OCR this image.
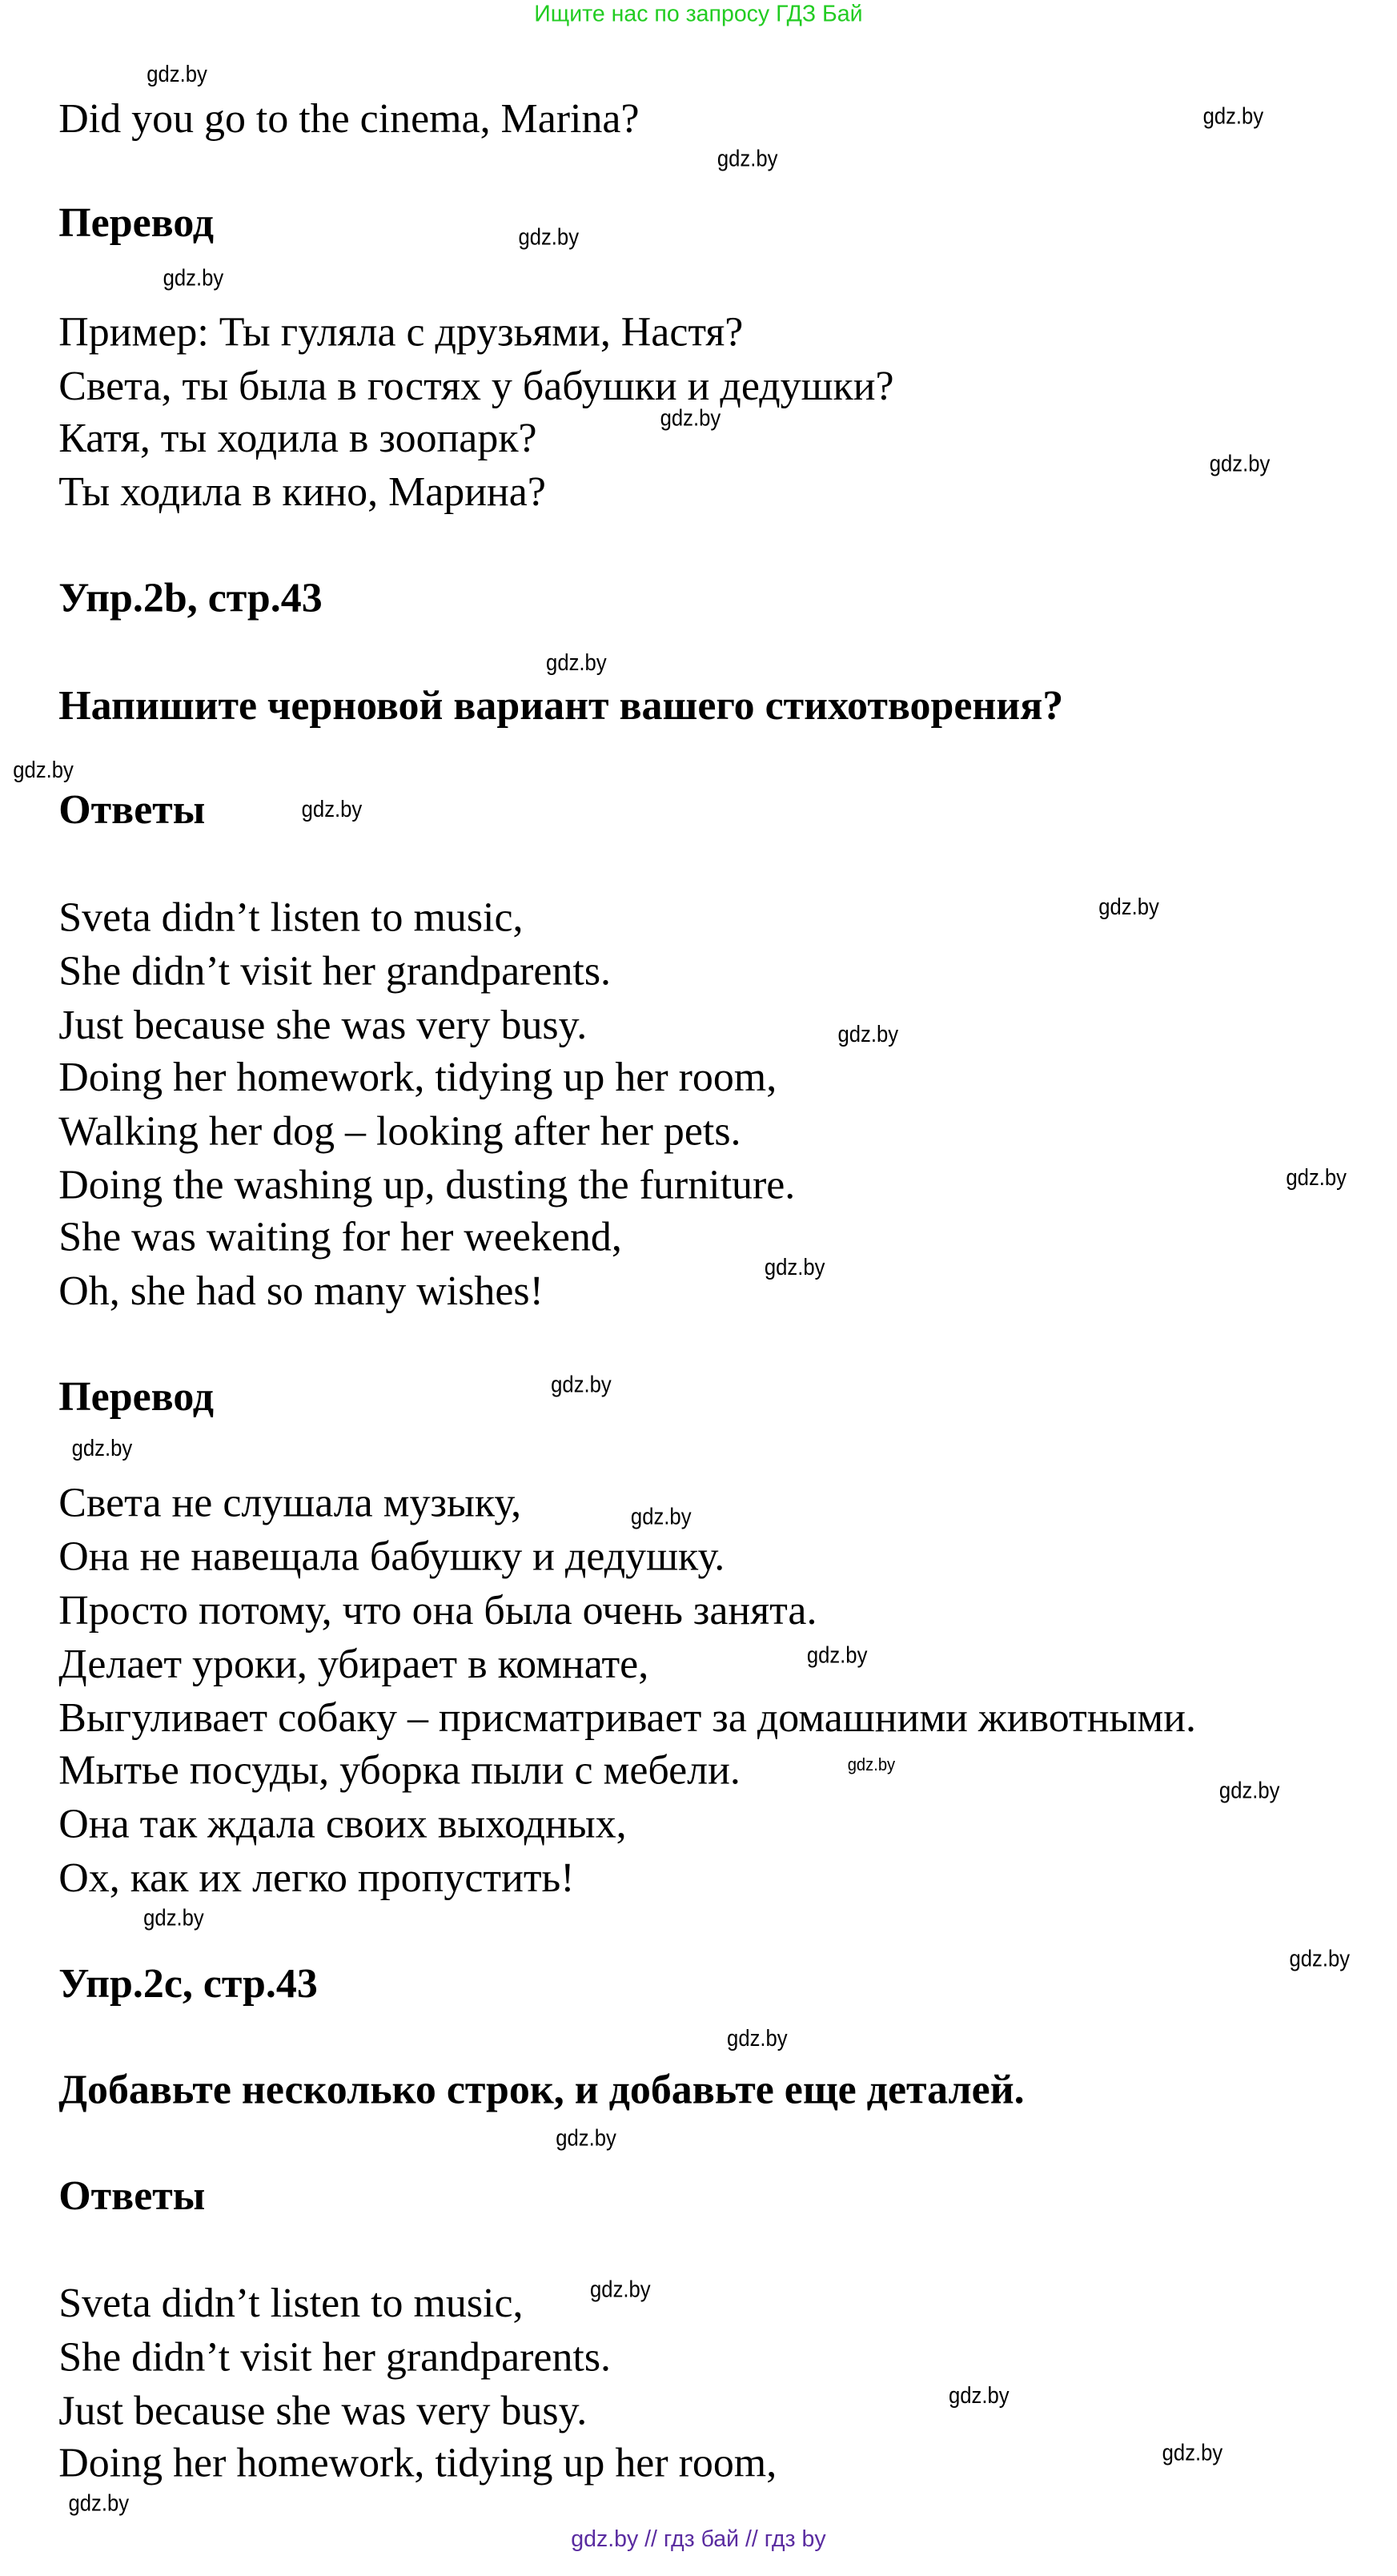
Ищите нас по запросу ГДЗ Бай
Did you go to the cinema, Marina?
Перевод
Пример: Ты гуляла с друзьями, Настя?
Света, ты была в гостях у бабушки и дедушки?
Катя, ты ходила в зоопарк?
Ты ходила в кино, Марина?
Упр.2b, стр.43
Напишите черновой вариант вашего стихотворения?
Ответы
Sveta didn’t listen to music,
She didn’t visit her grandparents.
Just because she was very busy.
Doing her homework, tidying up her room,
Walking her dog – looking after her pets.
Doing the washing up, dusting the furniture.
She was waiting for her weekend,
Oh, she had so many wishes!
Перевод
Света не слушала музыку,
Она не навещала бабушку и дедушку.
Просто потому, что она была очень занята.
Делает уроки, убирает в комнате,
Выгуливает собаку – присматривает за домашними животными.
Мытье посуды, уборка пыли с мебели.
Она так ждала своих выходных,
Ох, как их легко пропустить!
Упр.2c, стр.43
Добавьте несколько строк, и добавьте еще деталей.
Ответы
Sveta didn’t listen to music,
She didn’t visit her grandparents.
Just because she was very busy.
Doing her homework, tidying up her room,
gdz.by
gdz.by
gdz.by
gdz.by
gdz.by
gdz.by
gdz.by
gdz.by
gdz.by
gdz.by
gdz.by
gdz.by
gdz.by
gdz.by
gdz.by
gdz.by
gdz.by
gdz.by
gdz.by
gdz.by
gdz.by
gdz.by
gdz.by
gdz.by
gdz.by
gdz.by
gdz.by
gdz.by
gdz.by // гдз бай // гдз by
